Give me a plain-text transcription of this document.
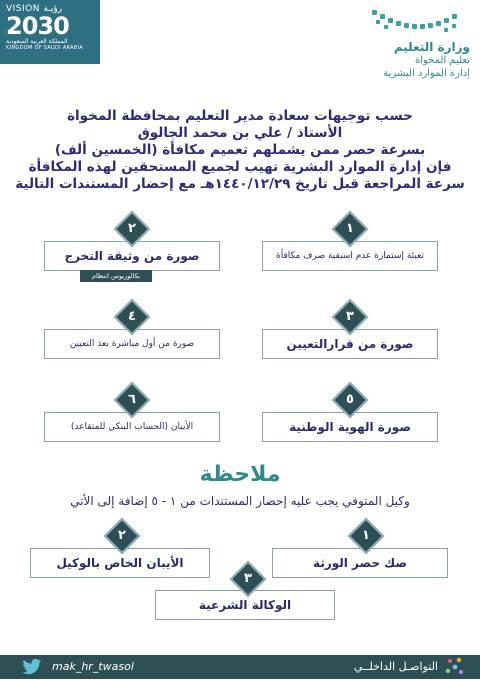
VISION رؤيـة
2030
المملكة العربية السعودية
KINGDOM OF SAUDI ARABIA	وزارة التعليم
تعليم المخواة
إدارة الموارد البشرية
حسب توجيهات سعادة مدير التعليم بمحافظة المخواة
الأستاذ / علي بن محمد الجالوق
بسرعة حصر ممن يشملهم تعميم مكافأة (الخمسين ألف)
فإن إدارة الموارد البشرية تهيب لجميع المستحقين لهذه المكافأة
سرعة المراجعة قبل تاريخ ١٤٤٠/١٢/٢٩هـ مع إحضار المستندات التالية
تعبئة إستمارة عدم اسبقية صرف مكافأة
١
صورة من وثيقة التخرج
٢
بكالوريوس انتظام
صورة من قرارالتعيين
٣
صورة من أول مباشرة بعد التعيين
٤
صورة الهوية الوطنية
٥
الأيبان (الحساب البنكي للمتقاعد)
٦
ملاحظة
وكيل المتوفي يجب عليه إحضار المستندات من ١ - ٥ إضافة إلى الأتي
صك حصر الورثة
١
الأيبان الخاص بالوكيل
٢
الوكالة الشرعية
٣
mak_hr_twasol	التواصـل الداخلــي
